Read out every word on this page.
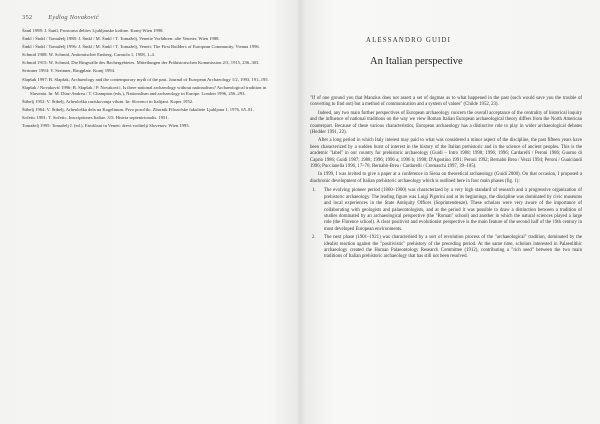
352 Eydlog Novaković
Šantl 1998: J. Šantl, Prostorna delitev Ljubljanske kotline. Kranj-Wien 1998.
Šinkl / Šinkl / Tomaželj 1988: J. Šinkl / M. Šinkl / T. Tomaželj, Venetie Vorfahren: alte Veneter. Wien 1988.
Šinkl / Šinkl / Tomaželj 1996: J. Šinkl / M. Šinkl / T. Tomaželj, Veneti: The First Builders of European Community. Vienna 1996.
Schmid 1908: W. Schmid, Antiomischer Emberg. Carniola 1, 1908, 1–4.
Schmid 1915: W. Schmid, Die Ringwälle des Bachergebietes. Mitteilungen der Prähistorischen Kommission 2/3, 1915, 236–303.
Serinner 1994: V. Serinner, Ringplatz. Kranj 1994.
Slapšak 1997: B. Slapšak, Archaeology and the contemporary myth of the past. Journal of European Archaeology 1/2, 1993, 191–195.
Slapšak / Novaković 1996: B. Slapšak / P. Novaković, Is there national archaeology without nationalism? Archaeological tradition in Slovenia. In: M. Díaz-Andreu / T. Champion (eds.), Nationalism and archaeology in Europe. London 1996, 256–293.
Štibelj 1952: V. Štibelj, Arheološka raziskovanja vilum. In: Slovenci in Italijani. Koper 1952.
Štibelj 1964: V. Štibelj, Arheološka dela na Kogelinum. Prvo poročilo. Zbornik Filozofske fakultete Ljubljana 1, 1976, 65–81.
Sočetic 1981: T. Sočetic, Inscriptiones Italiae. 3/5: Histria septentrionalis. 1951.
Tomaželj 1995: Tomaželj J. (ed.), Etruščani in Veneti: drevi voditelji Slovenov. Wien 1995.
ALESSANDRO GUIDI
An Italian perspective

"If of one ground you that Manzius does not assert a set of dogmas as to what happened in the past (such would save you the trouble of converting to find out) but a method of communication and a system of values" (Childe 1952, 23).

Indeed, any two main further perspectives of European archaeology concern the overall acceptance of the centrality of historical inquiry and the influence of national traditions on the way we view Roman Italian European archaeological theory differs from the North American counterpart. Because of these various characteristics, European archaeology has a distinctive role to play in wider archaeological debates (Hodder 1991, 22).

After a long period in which Italy interest may paid to what was considered a minor aspect of the discipline, the past fifteen years have been characterized by a sudden burst of interest in the history of the Italian prehistoric and in the science of ancient peoples. This is the academic "label" in our country for prehistoric archaeology (Guidi – Intro 1988; 1998; 1996; 1996; Cardarelli / Peroni 1986; Guomo di Caprio 1986; Guidi 1987; 1988; 1996; 1996 a; 1996 b; 1998; D'Agostino 1991; Peroni 1992; Bernabò Brea / Vezzi 1994; Peroni / Guaiciandi 1996; Puccianella 1996, 17–76; Bernabò-Brea / Cardarelli / Cremaschi 1997, 39–105).

In 1999, I was invited to give a paper at a conference in Siena on theoretical archaeology (Guidi 2000). On that occasion, I proposed a diachronic development of Italian prehistoric archaeology which is outlined here in four main phases (fig. 1):

1. The evolving pioneer period (1860–1900) was characterized by a very high standard of research and a progressive organization of prehistoric archaeology. The leading figure was Luigi Pigorini and at its beginnings, the discipline was dominated by civic museums and local experiences in the State Antiquity Offices (Soprintendenze). These scholars were very aware of the importance of collaborating with geologists and palaeontologists, and at the period it was possible to draw a distinction between a tradition of studies dominated by an archaeological perspective (the "Roman" school) and another in which the natural sciences played a large role (the Florence school). A clear positivist and evolutionist perspective is the main feature of the second half of the 19th century in most developed European environments.
2. The next phase (1901–1921) was characterised by a sort of revolution process of the "archaeological" tradition, dominated by the idealist reaction against the "positivistic" prehistory of the preceding period. At the same time, scholars interested in Palaeolithic archaeology created the Human Palaeontology Research Committee (1912), contributing a "rich seed" between the two main traditions of Italian prehistoric archaeology that has still not been resolved.
